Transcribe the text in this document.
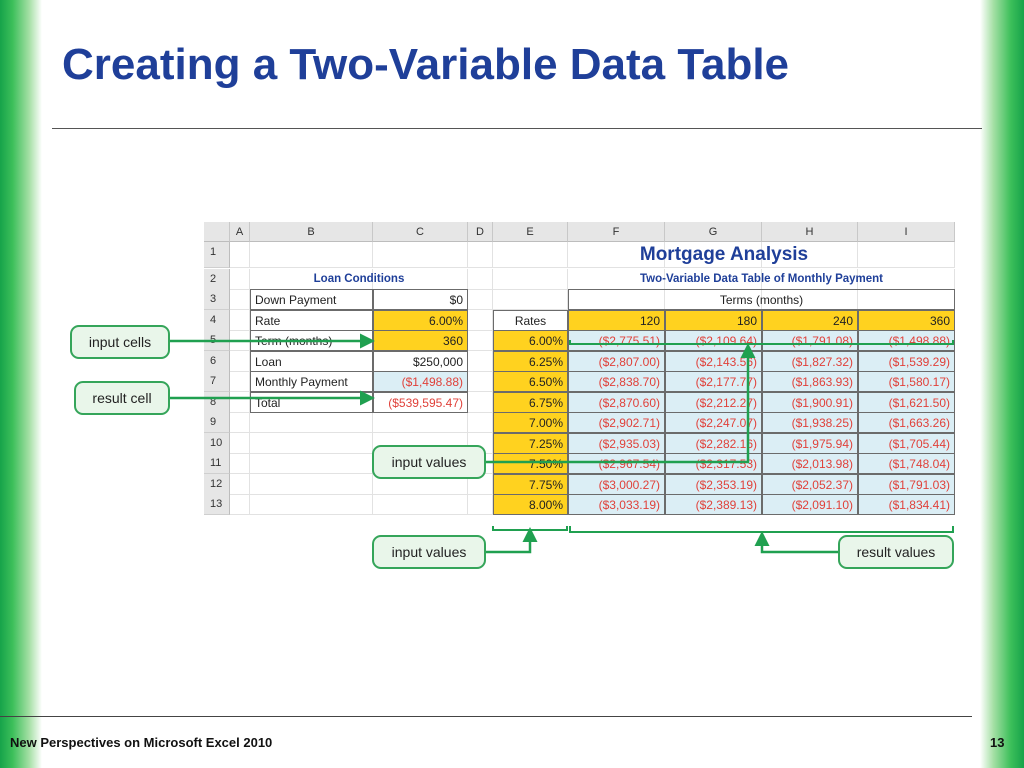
Creating a Two-Variable Data Table
A	B	C	D	E	F	G	H	I
1
2
3
4
5
6
7
8
9
10
11
12
13
Mortgage Analysis
Loan Conditions	Two-Variable Data Table of Monthly Payment
Down Payment	$0
Rate	6.00%
Term (months)	360
Loan	$250,000
Monthly Payment	($1,498.88)
Total	($539,595.47)
Terms (months)
Rates	120	180	240	360
6.00%	($2,775.51)	($2,109.64)	($1,791.08)	($1,498.88)
6.25%	($2,807.00)	($2,143.56)	($1,827.32)	($1,539.29)
6.50%	($2,838.70)	($2,177.77)	($1,863.93)	($1,580.17)
6.75%	($2,870.60)	($2,212.27)	($1,900.91)	($1,621.50)
7.00%	($2,902.71)	($2,247.07)	($1,938.25)	($1,663.26)
7.25%	($2,935.03)	($2,282.16)	($1,975.94)	($1,705.44)
7.50%	($2,967.54)	($2,317.53)	($2,013.98)	($1,748.04)
7.75%	($3,000.27)	($2,353.19)	($2,052.37)	($1,791.03)
8.00%	($3,033.19)	($2,389.13)	($2,091.10)	($1,834.41)
input cells
result cell
input values
input values	result values
New Perspectives on Microsoft Excel 2010	13
